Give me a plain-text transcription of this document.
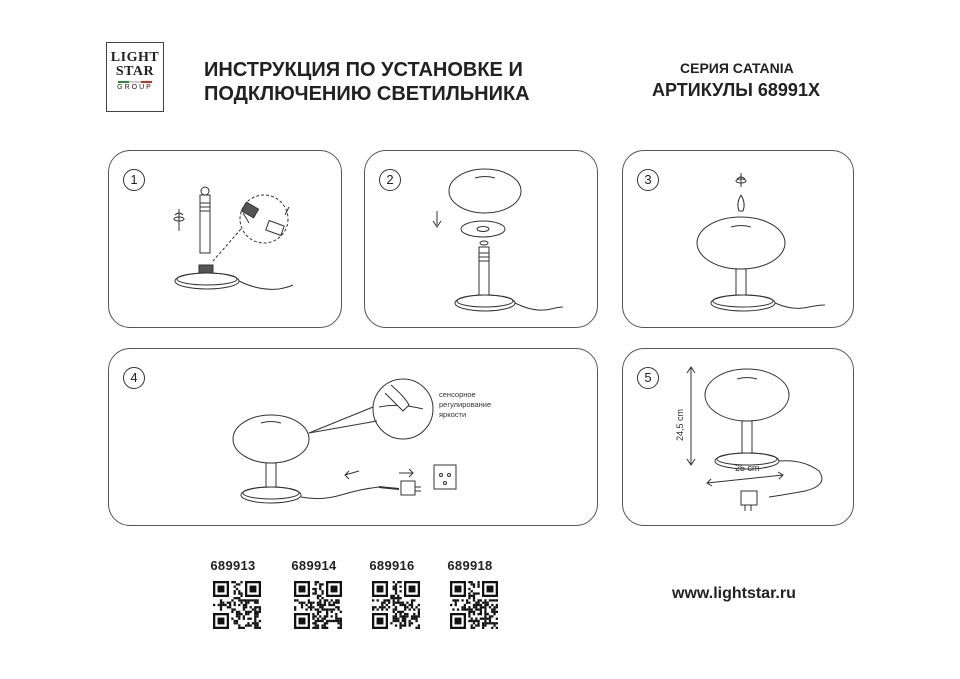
LIGHT
STAR
GROUP
ИНСТРУКЦИЯ ПО УСТАНОВКЕ И
ПОДКЛЮЧЕНИЮ СВЕТИЛЬНИКА
СЕРИЯ CATANIA
АРТИКУЛЫ 68991X
1	2	3
4
сенсорное
регулирование
яркости
5
24,5 cm
25 cm
689913	689914	689916	689918
www.lightstar.ru
